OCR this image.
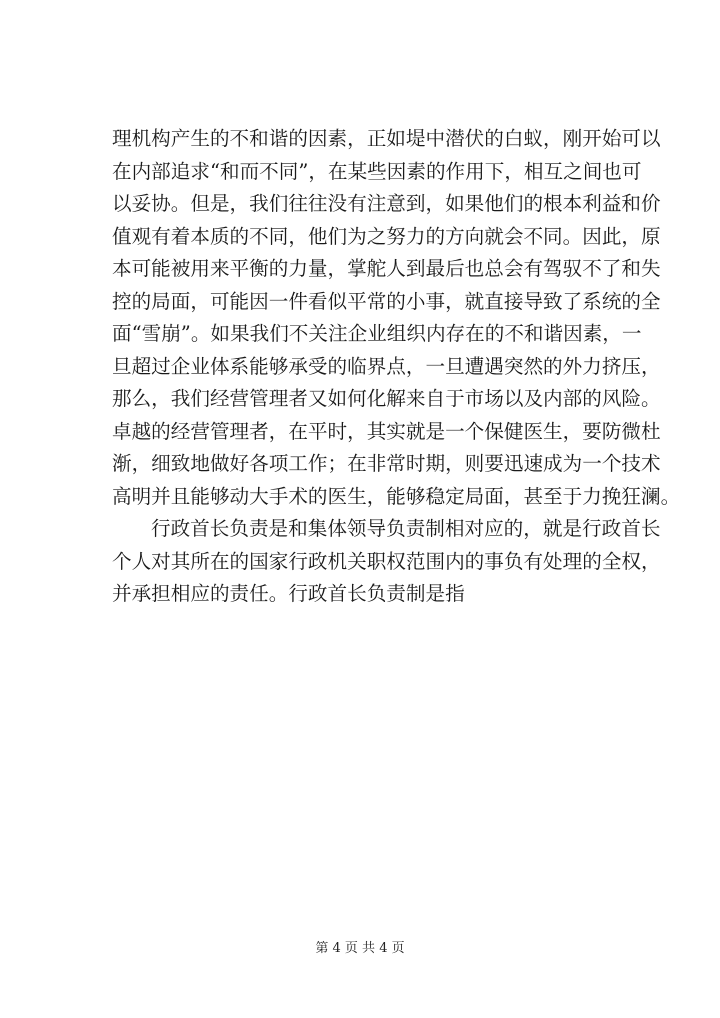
理机构产生的不和谐的因素，正如堤中潜伏的白蚁，刚开始可以
在内部追求“和而不同”，在某些因素的作用下，相互之间也可
以妥协。但是，我们往往没有注意到，如果他们的根本利益和价
值观有着本质的不同，他们为之努力的方向就会不同。因此，原
本可能被用来平衡的力量，掌舵人到最后也总会有驾驭不了和失
控的局面，可能因一件看似平常的小事，就直接导致了系统的全
面“雪崩”。如果我们不关注企业组织内存在的不和谐因素，一
旦超过企业体系能够承受的临界点，一旦遭遇突然的外力挤压，
那么，我们经营管理者又如何化解来自于市场以及内部的风险。
卓越的经营管理者，在平时，其实就是一个保健医生，要防微杜
渐，细致地做好各项工作；在非常时期，则要迅速成为一个技术
高明并且能够动大手术的医生，能够稳定局面，甚至于力挽狂澜。
行政首长负责是和集体领导负责制相对应的，就是行政首长
个人对其所在的国家行政机关职权范围内的事负有处理的全权，
并承担相应的责任。行政首长负责制是指
第 4 页 共 4 页
